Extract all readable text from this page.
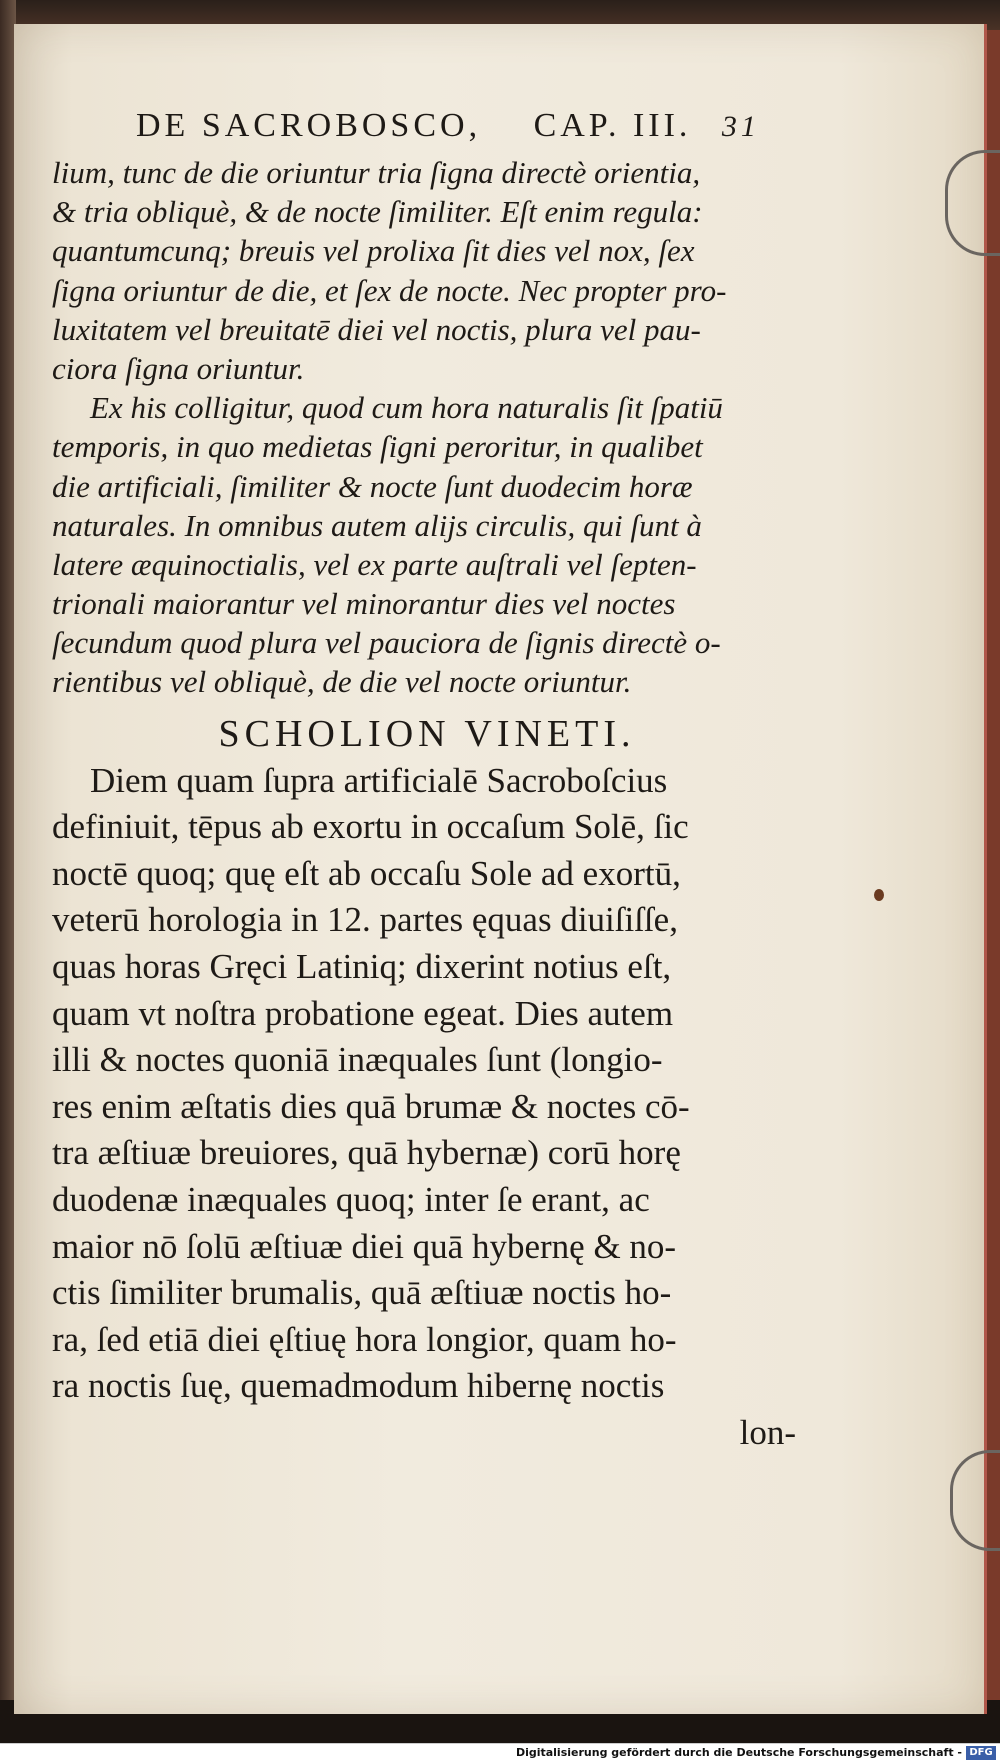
DE SACROBOSCO, CAP. III. 31
lium, tunc de die oriuntur tria ſigna directè orientia,
& tria obliquè, & de nocte ſimiliter. Eſt enim regula:
quantumcunq; breuis vel prolixa ſit dies vel nox, ſex
ſigna oriuntur de die, et ſex de nocte. Nec propter pro-
luxitatem vel breuitatē diei vel noctis, plura vel pau-
ciora ſigna oriuntur.
Ex his colligitur, quod cum hora naturalis ſit ſpatiū
temporis, in quo medietas ſigni peroritur, in qualibet
die artificiali, ſimiliter & nocte ſunt duodecim horæ
naturales. In omnibus autem alijs circulis, qui ſunt à
latere æquinoctialis, vel ex parte auſtrali vel ſepten-
trionali maiorantur vel minorantur dies vel noctes
ſecundum quod plura vel pauciora de ſignis directè o-
rientibus vel obliquè, de die vel nocte oriuntur.
SCHOLION VINETI.
Diem quam ſupra artificialē Sacroboſcius
definiuit, tēpus ab exortu in occaſum Solē, ſic
noctē quoq; quę eſt ab occaſu Sole ad exortū,
veterū horologia in 12. partes ęquas diuiſiſſe,
quas horas Gręci Latiniq; dixerint notius eſt,
quam vt noſtra probatione egeat. Dies autem
illi & noctes quoniā inæquales ſunt (longio-
res enim æſtatis dies quā brumæ & noctes cō-
tra æſtiuæ breuiores, quā hybernæ) corū horę
duodenæ inæquales quoq; inter ſe erant, ac
maior nō ſolū æſtiuæ diei quā hybernę & no-
ctis ſimiliter brumalis, quā æſtiuæ noctis ho-
ra, ſed etiā diei ęſtiuę hora longior, quam ho-
ra noctis ſuę, quemadmodum hibernę noctis
lon-
Digitalisierung gefördert durch die Deutsche Forschungsgemeinschaft - DFG
